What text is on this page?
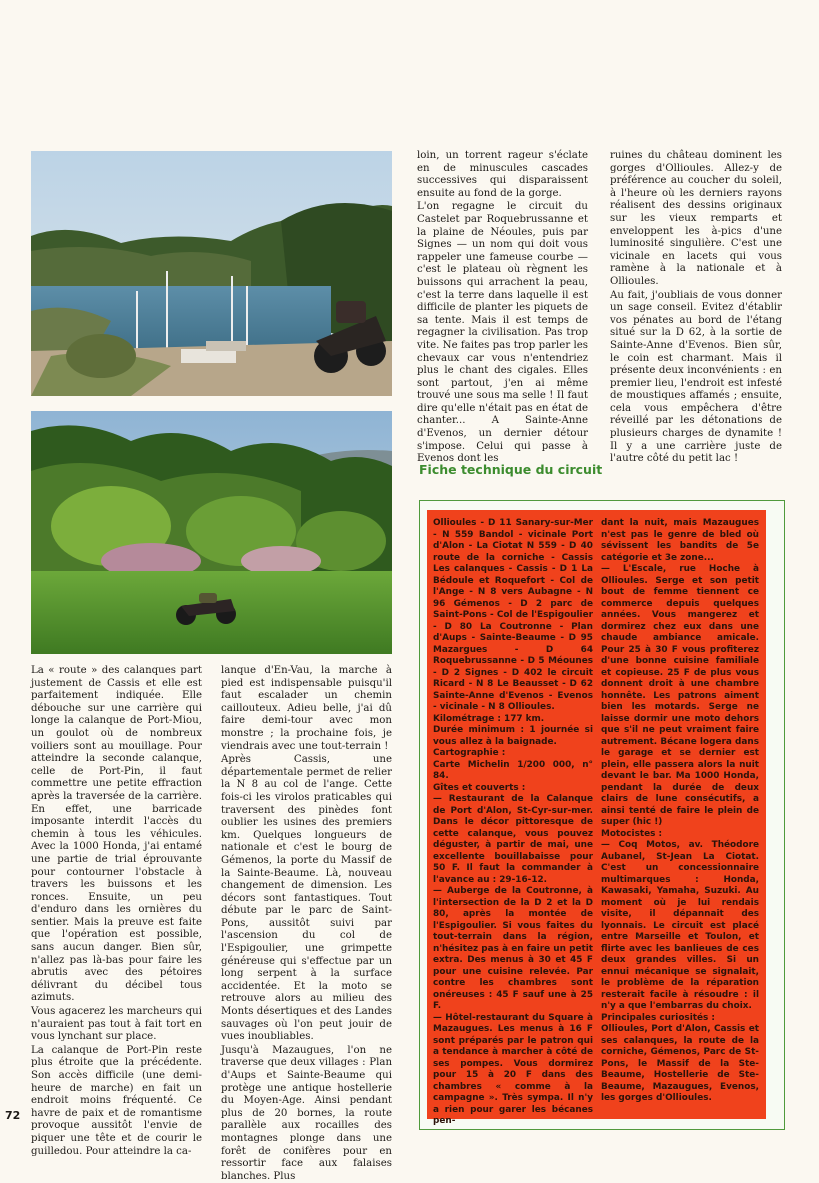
loin, un torrent rageur s'éclate en de minuscules cascades successives qui disparaissent ensuite au fond de la gorge.

L'on regagne le circuit du Castelet par Roquebrussanne et la plaine de Néoules, puis par Signes — un nom qui doit vous rappeler une fameuse courbe — c'est le plateau où règnent les buissons qui arrachent la peau, c'est la terre dans laquelle il est difficile de planter les piquets de sa tente. Mais il est temps de regagner la civilisation. Pas trop vite. Ne faites pas trop parler les chevaux car vous n'entendriez plus le chant des cigales. Elles sont partout, j'en ai même trouvé une sous ma selle ! Il faut dire qu'elle n'était pas en état de chanter... A Sainte-Anne d'Evenos, un dernier détour s'impose. Celui qui passe à Evenos dont les

ruines du château dominent les gorges d'Ollioules. Allez-y de préférence au coucher du soleil, à l'heure où les derniers rayons réalisent des dessins originaux sur les vieux remparts et enveloppent les à-pics d'une luminosité singulière. C'est une vicinale en lacets qui vous ramène à la nationale et à Ollioules.

Au fait, j'oubliais de vous donner un sage conseil. Evitez d'établir vos pénates au bord de l'étang situé sur la D 62, à la sortie de Sainte-Anne d'Evenos. Bien sûr, le coin est charmant. Mais il présente deux inconvénients : en premier lieu, l'endroit est infesté de moustiques affamés ; ensuite, cela vous empêchera d'être réveillé par les détonations de plusieurs charges de dynamite ! Il y a une carrière juste de l'autre côté du petit lac !

La « route » des calanques part justement de Cassis et elle est parfaitement indiquée. Elle débouche sur une carrière qui longe la calanque de Port-Miou, un goulot où de nombreux voiliers sont au mouillage. Pour atteindre la seconde calanque, celle de Port-Pin, il faut commettre une petite effraction après la traversée de la carrière. En effet, une barricade imposante interdit l'accès du chemin à tous les véhicules. Avec la 1000 Honda, j'ai entamé une partie de trial éprouvante pour contourner l'obstacle à travers les buissons et les ronces. Ensuite, un peu d'enduro dans les ornières du sentier. Mais la preuve est faite que l'opération est possible, sans aucun danger. Bien sûr, n'allez pas là-bas pour faire les abrutis avec des pétoires délivrant du décibel tous azimuts.

Vous agacerez les marcheurs qui n'auraient pas tout à fait tort en vous lynchant sur place.

La calanque de Port-Pin reste plus étroite que la précédente. Son accès difficile (une demi-heure de marche) en fait un endroit moins fréquenté. Ce havre de paix et de romantisme provoque aussitôt l'envie de piquer une tête et de courir le guilledou. Pour atteindre la ca-

lanque d'En-Vau, la marche à pied est indispensable puisqu'il faut escalader un chemin caillouteux. Adieu belle, j'ai dû faire demi-tour avec mon monstre ; la prochaine fois, je viendrais avec une tout-terrain !

Après Cassis, une départementale permet de relier la N 8 au col de l'ange. Cette fois-ci les virolos praticables qui traversent des pinèdes font oublier les usines des premiers km. Quelques longueurs de nationale et c'est le bourg de Gémenos, la porte du Massif de la Sainte-Beaume. Là, nouveau changement de dimension. Les décors sont fantastiques. Tout débute par le parc de Saint-Pons, aussitôt suivi par l'ascension du col de l'Espigoulier, une grimpette généreuse qui s'effectue par un long serpent à la surface accidentée. Et la moto se retrouve alors au milieu des Monts désertiques et des Landes sauvages où l'on peut jouir de vues inoubliables.

Jusqu'à Mazaugues, l'on ne traverse que deux villages : Plan d'Aups et Sainte-Beaume qui protège une antique hostellerie du Moyen-Age. Ainsi pendant plus de 20 bornes, la route parallèle aux rocailles des montagnes plonge dans une forêt de conifères pour en ressortir face aux falaises blanches. Plus

Fiche technique du circuit

Ollioules - D 11 Sanary-sur-Mer - N 559 Bandol - vicinale Port d'Alon - La Ciotat N 559 - D 40 route de la corniche - Cassis Les calanques - Cassis - D 1 La Bédoule et Roquefort - Col de l'Ange - N 8 vers Aubagne - N 96 Gémenos - D 2 parc de Saint-Pons - Col de l'Espigoulier - D 80 La Coutronne - Plan d'Aups - Sainte-Beaume - D 95 Mazargues - D 64 Roquebrussanne - D 5 Méounes - D 2 Signes - D 402 le circuit Ricard - N 8 Le Beausset - D 62 Sainte-Anne d'Evenos - Evenos - vicinale - N 8 Ollioules.

Kilométrage : 177 km.

Durée minimum : 1 journée si vous allez à la baignade.

Cartographie :

Carte Michelin 1/200 000, n° 84.

Gîtes et couverts :

— Restaurant de la Calanque de Port d'Alon, St-Cyr-sur-mer. Dans le décor pittoresque de cette calanque, vous pouvez déguster, à partir de mai, une excellente bouillabaisse pour 50 F. Il faut la commander à l'avance au : 29-16-12.

— Auberge de la Coutronne, à l'intersection de la D 2 et la D 80, après la montée de l'Espigoulier. Si vous faites du tout-terrain dans la région, n'hésitez pas à en faire un petit extra. Des menus à 30 et 45 F pour une cuisine relevée. Par contre les chambres sont onéreuses : 45 F sauf une à 25 F.

— Hôtel-restaurant du Square à Mazaugues. Les menus à 16 F sont préparés par le patron qui a tendance à marcher à côté de ses pompes. Vous dormirez pour 15 à 20 F dans des chambres « comme à la campagne ». Très sympa. Il n'y a rien pour garer les bécanes pen-

dant la nuit, mais Mazaugues n'est pas le genre de bled où sévissent les bandits de 5e catégorie et 3e zone...

— L'Escale, rue Hoche à Ollioules. Serge et son petit bout de femme tiennent ce commerce depuis quelques années. Vous mangerez et dormirez chez eux dans une chaude ambiance amicale. Pour 25 à 30 F vous profiterez d'une bonne cuisine familiale et copieuse. 25 F de plus vous donnent droit à une chambre honnête. Les patrons aiment bien les motards. Serge ne laisse dormir une moto dehors que s'il ne peut vraiment faire autrement. Bécane logera dans le garage et se dernier est plein, elle passera alors la nuit devant le bar. Ma 1000 Honda, pendant la durée de deux clairs de lune consécutifs, a ainsi tenté de faire le plein de super (hic !)

Motocistes :

— Coq Motos, av. Théodore Aubanel, St-Jean La Ciotat. C'est un concessionnaire multimarques : Honda, Kawasaki, Yamaha, Suzuki. Au moment où je lui rendais visite, il dépannait des lyonnais. Le circuit est placé entre Marseille et Toulon, et flirte avec les banlieues de ces deux grandes villes. Si un ennui mécanique se signalait, le problème de la réparation resterait facile à résoudre : il n'y a que l'embarras du choix.

Principales curiosités :

Ollioules, Port d'Alon, Cassis et ses calanques, la route de la corniche, Gémenos, Parc de St-Pons, le Massif de la Ste-Beaume, Hostellerie de Ste-Beaume, Mazaugues, Evenos, les gorges d'Ollioules.

72
